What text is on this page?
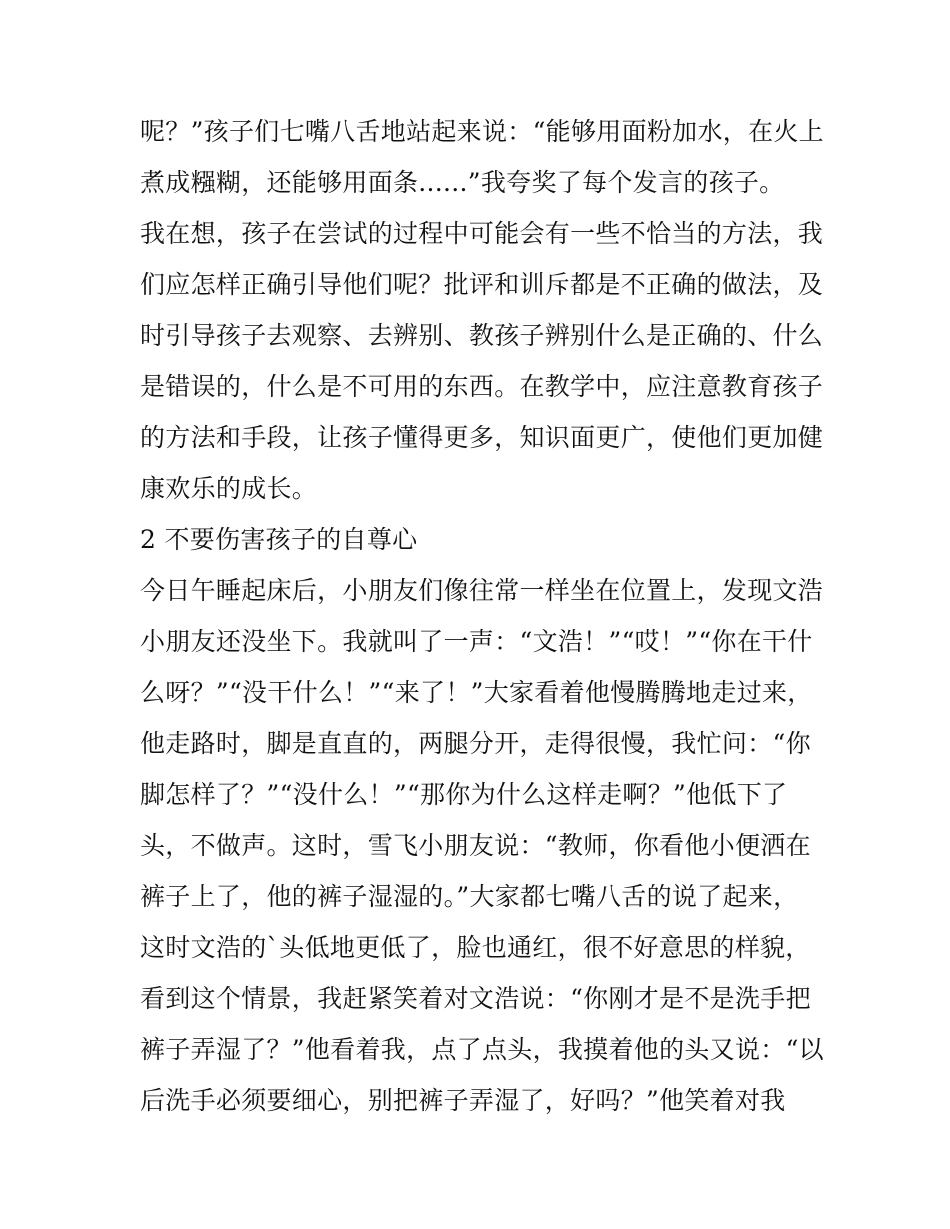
呢？”孩子们七嘴八舌地站起来说：“能够用面粉加水，在火上
煮成糨糊，还能够用面条......”我夸奖了每个发言的孩子。
我在想，孩子在尝试的过程中可能会有一些不恰当的方法，我
们应怎样正确引导他们呢？批评和训斥都是不正确的做法，及
时引导孩子去观察、去辨别、教孩子辨别什么是正确的、什么
是错误的，什么是不可用的东西。在教学中，应注意教育孩子
的方法和手段，让孩子懂得更多，知识面更广，使他们更加健
康欢乐的成长。
2 不要伤害孩子的自尊心
今日午睡起床后，小朋友们像往常一样坐在位置上，发现文浩
小朋友还没坐下。我就叫了一声：“文浩！”“哎！”“你在干什
么呀？”“没干什么！”“来了！”大家看着他慢腾腾地走过来，
他走路时，脚是直直的，两腿分开，走得很慢，我忙问：“你
脚怎样了？”“没什么！”“那你为什么这样走啊？”他低下了
头，不做声。这时，雪飞小朋友说：“教师，你看他小便洒在
裤子上了，他的裤子湿湿的。”大家都七嘴八舌的说了起来，
这时文浩的`头低地更低了，脸也通红，很不好意思的样貌，
看到这个情景，我赶紧笑着对文浩说：“你刚才是不是洗手把
裤子弄湿了？”他看着我，点了点头，我摸着他的头又说：“以
后洗手必须要细心，别把裤子弄湿了，好吗？”他笑着对我
